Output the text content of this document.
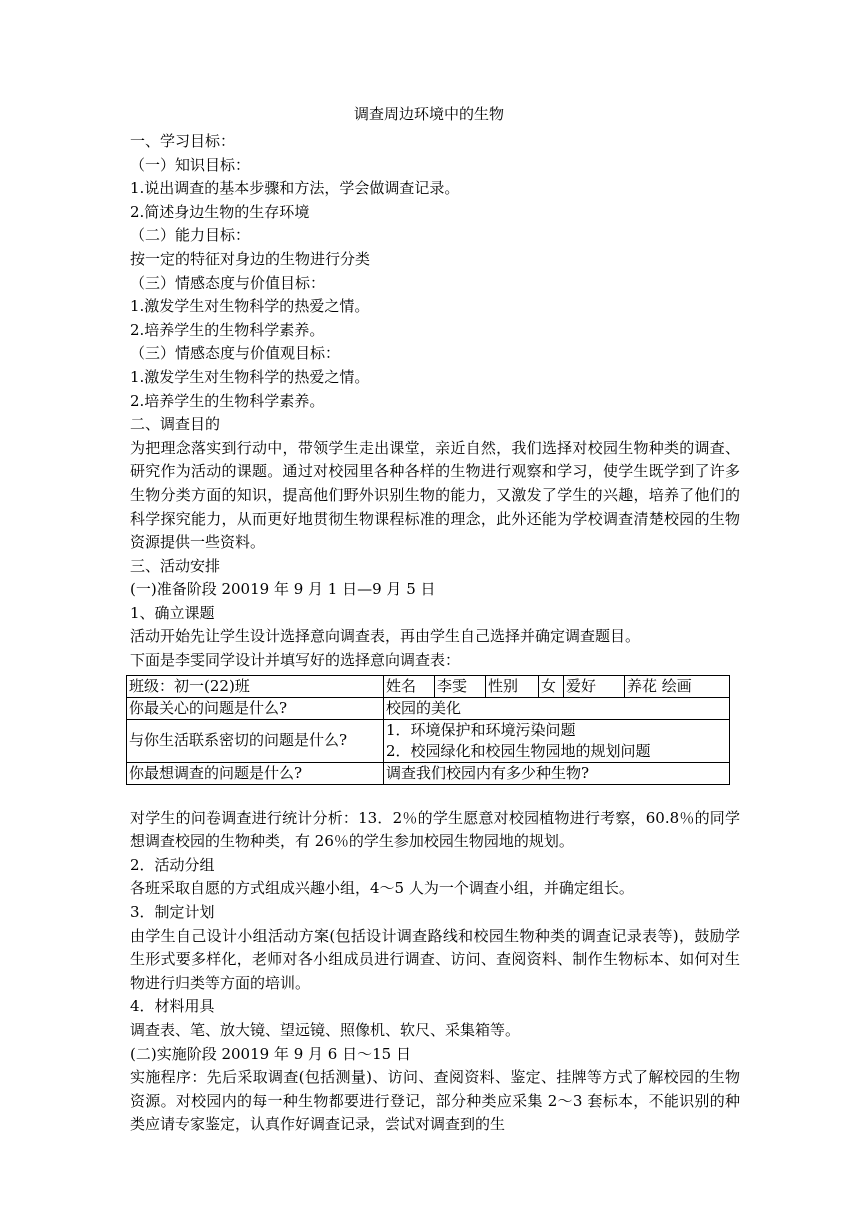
调查周边环境中的生物
一、学习目标：
（一）知识目标：
1.说出调查的基本步骤和方法，学会做调查记录。
2.简述身边生物的生存环境
（二）能力目标：
按一定的特征对身边的生物进行分类
（三）情感态度与价值目标：
1.激发学生对生物科学的热爱之情。
2.培养学生的生物科学素养。
（三）情感态度与价值观目标：
1.激发学生对生物科学的热爱之情。
2.培养学生的生物科学素养。
二、调查目的
为把理念落实到行动中，带领学生走出课堂，亲近自然，我们选择对校园生物种类的调查、研究作为活动的课题。通过对校园里各种各样的生物进行观察和学习，使学生既学到了许多生物分类方面的知识，提高他们野外识别生物的能力，又激发了学生的兴趣，培养了他们的科学探究能力，从而更好地贯彻生物课程标准的理念，此外还能为学校调查清楚校园的生物资源提供一些资料。
三、活动安排
(一)准备阶段 20019 年 9 月 1 日—9 月 5 日
1、确立课题
活动开始先让学生设计选择意向调查表，再由学生自己选择并确定调查题目。
下面是李雯同学设计并填写好的选择意向调查表：
班级：初一(22)班	姓名	李雯	性别	女	爱好	养花 绘画
你最关心的问题是什么?	校园的美化					
与你生活联系密切的问题是什么?	1．环境保护和环境污染问题
2．校园绿化和校园生物园地的规划问题					

你最想调查的问题是什么?	调查我们校园内有多少种生物?					
对学生的问卷调查进行统计分析：13．2％的学生愿意对校园植物进行考察，60.8％的同学想调查校园的生物种类，有 26％的学生参加校园生物园地的规划。
2．活动分组
各班采取自愿的方式组成兴趣小组，4～5 人为一个调查小组，并确定组长。
3．制定计划
由学生自己设计小组活动方案(包括设计调查路线和校园生物种类的调查记录表等)，鼓励学生形式要多样化，老师对各小组成员进行调查、访问、查阅资料、制作生物标本、如何对生物进行归类等方面的培训。
4．材料用具
调查表、笔、放大镜、望远镜、照像机、软尺、采集箱等。
(二)实施阶段 20019 年 9 月 6 日～15 日
实施程序：先后采取调查(包括测量)、访问、查阅资料、鉴定、挂牌等方式了解校园的生物资源。对校园内的每一种生物都要进行登记，部分种类应采集 2～3 套标本，不能识别的种类应请专家鉴定，认真作好调查记录，尝试对调查到的生
